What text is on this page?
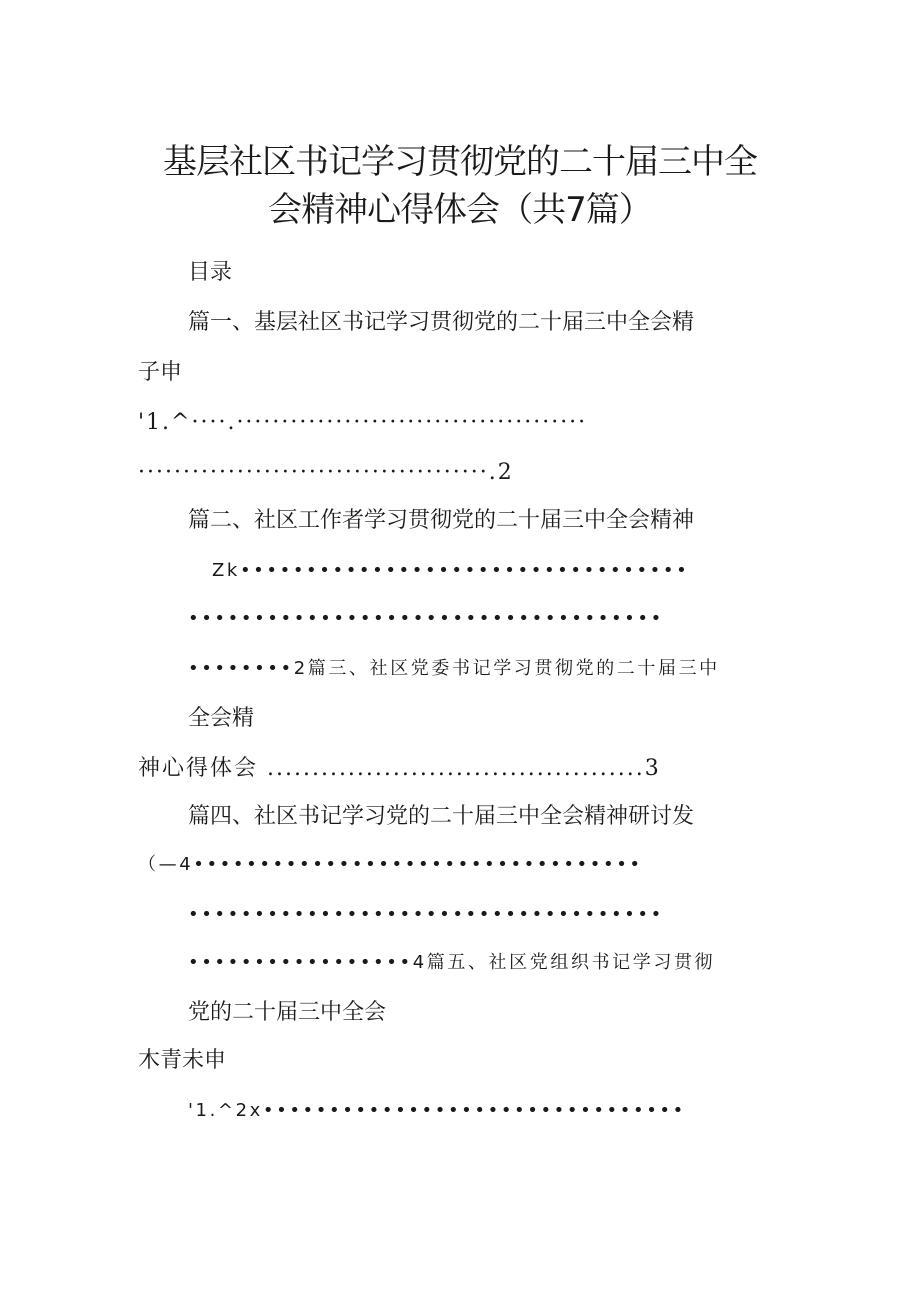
基层社区书记学习贯彻党的二十届三中全
会精神心得体会（共7篇）
目录
篇一、基层社区书记学习贯彻党的二十届三中全会精
子申
'1.^····.·······································
·······································.2
篇二、社区工作者学习贯彻党的二十届三中全会精神
Zk••••••••••••••••••••••••••••••••••
••••••••••••••••••••••••••••••••••••
••••••••2篇三、社区党委书记学习贯彻党的二十届三中
全会精
神心得体会 ..........................................3
篇四、社区书记学习党的二十届三中全会精神研讨发
（—4••••••••••••••••••••••••••••••••••
••••••••••••••••••••••••••••••••••••
•••••••••••••••••4篇五、社区党组织书记学习贯彻
党的二十届三中全会
木青未申
'1.^2x••••••••••••••••••••••••••••••••
